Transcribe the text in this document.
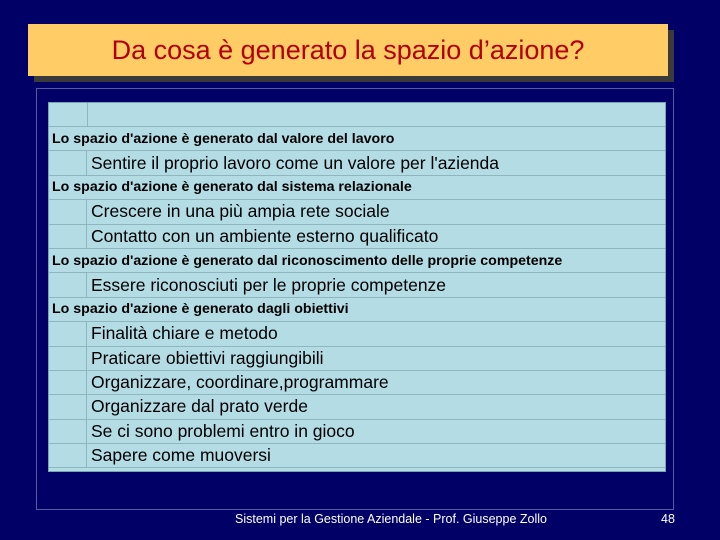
Da cosa è generato la spazio d’azione?
Lo spazio d'azione è generato dal valore del lavoro
Sentire il proprio lavoro come un valore per l'azienda
Lo spazio d'azione è generato dal sistema relazionale
Crescere in una più ampia rete sociale
Contatto con un ambiente esterno qualificato
Lo spazio d'azione è generato dal riconoscimento delle proprie competenze
Essere riconosciuti per le proprie competenze
Lo spazio d'azione è generato dagli obiettivi
Finalità chiare e metodo
Praticare obiettivi raggiungibili
Organizzare, coordinare,programmare
Organizzare dal prato verde
Se ci sono problemi entro in gioco
Sapere come muoversi
Sistemi per la Gestione Aziendale - Prof. Giuseppe Zollo	48
